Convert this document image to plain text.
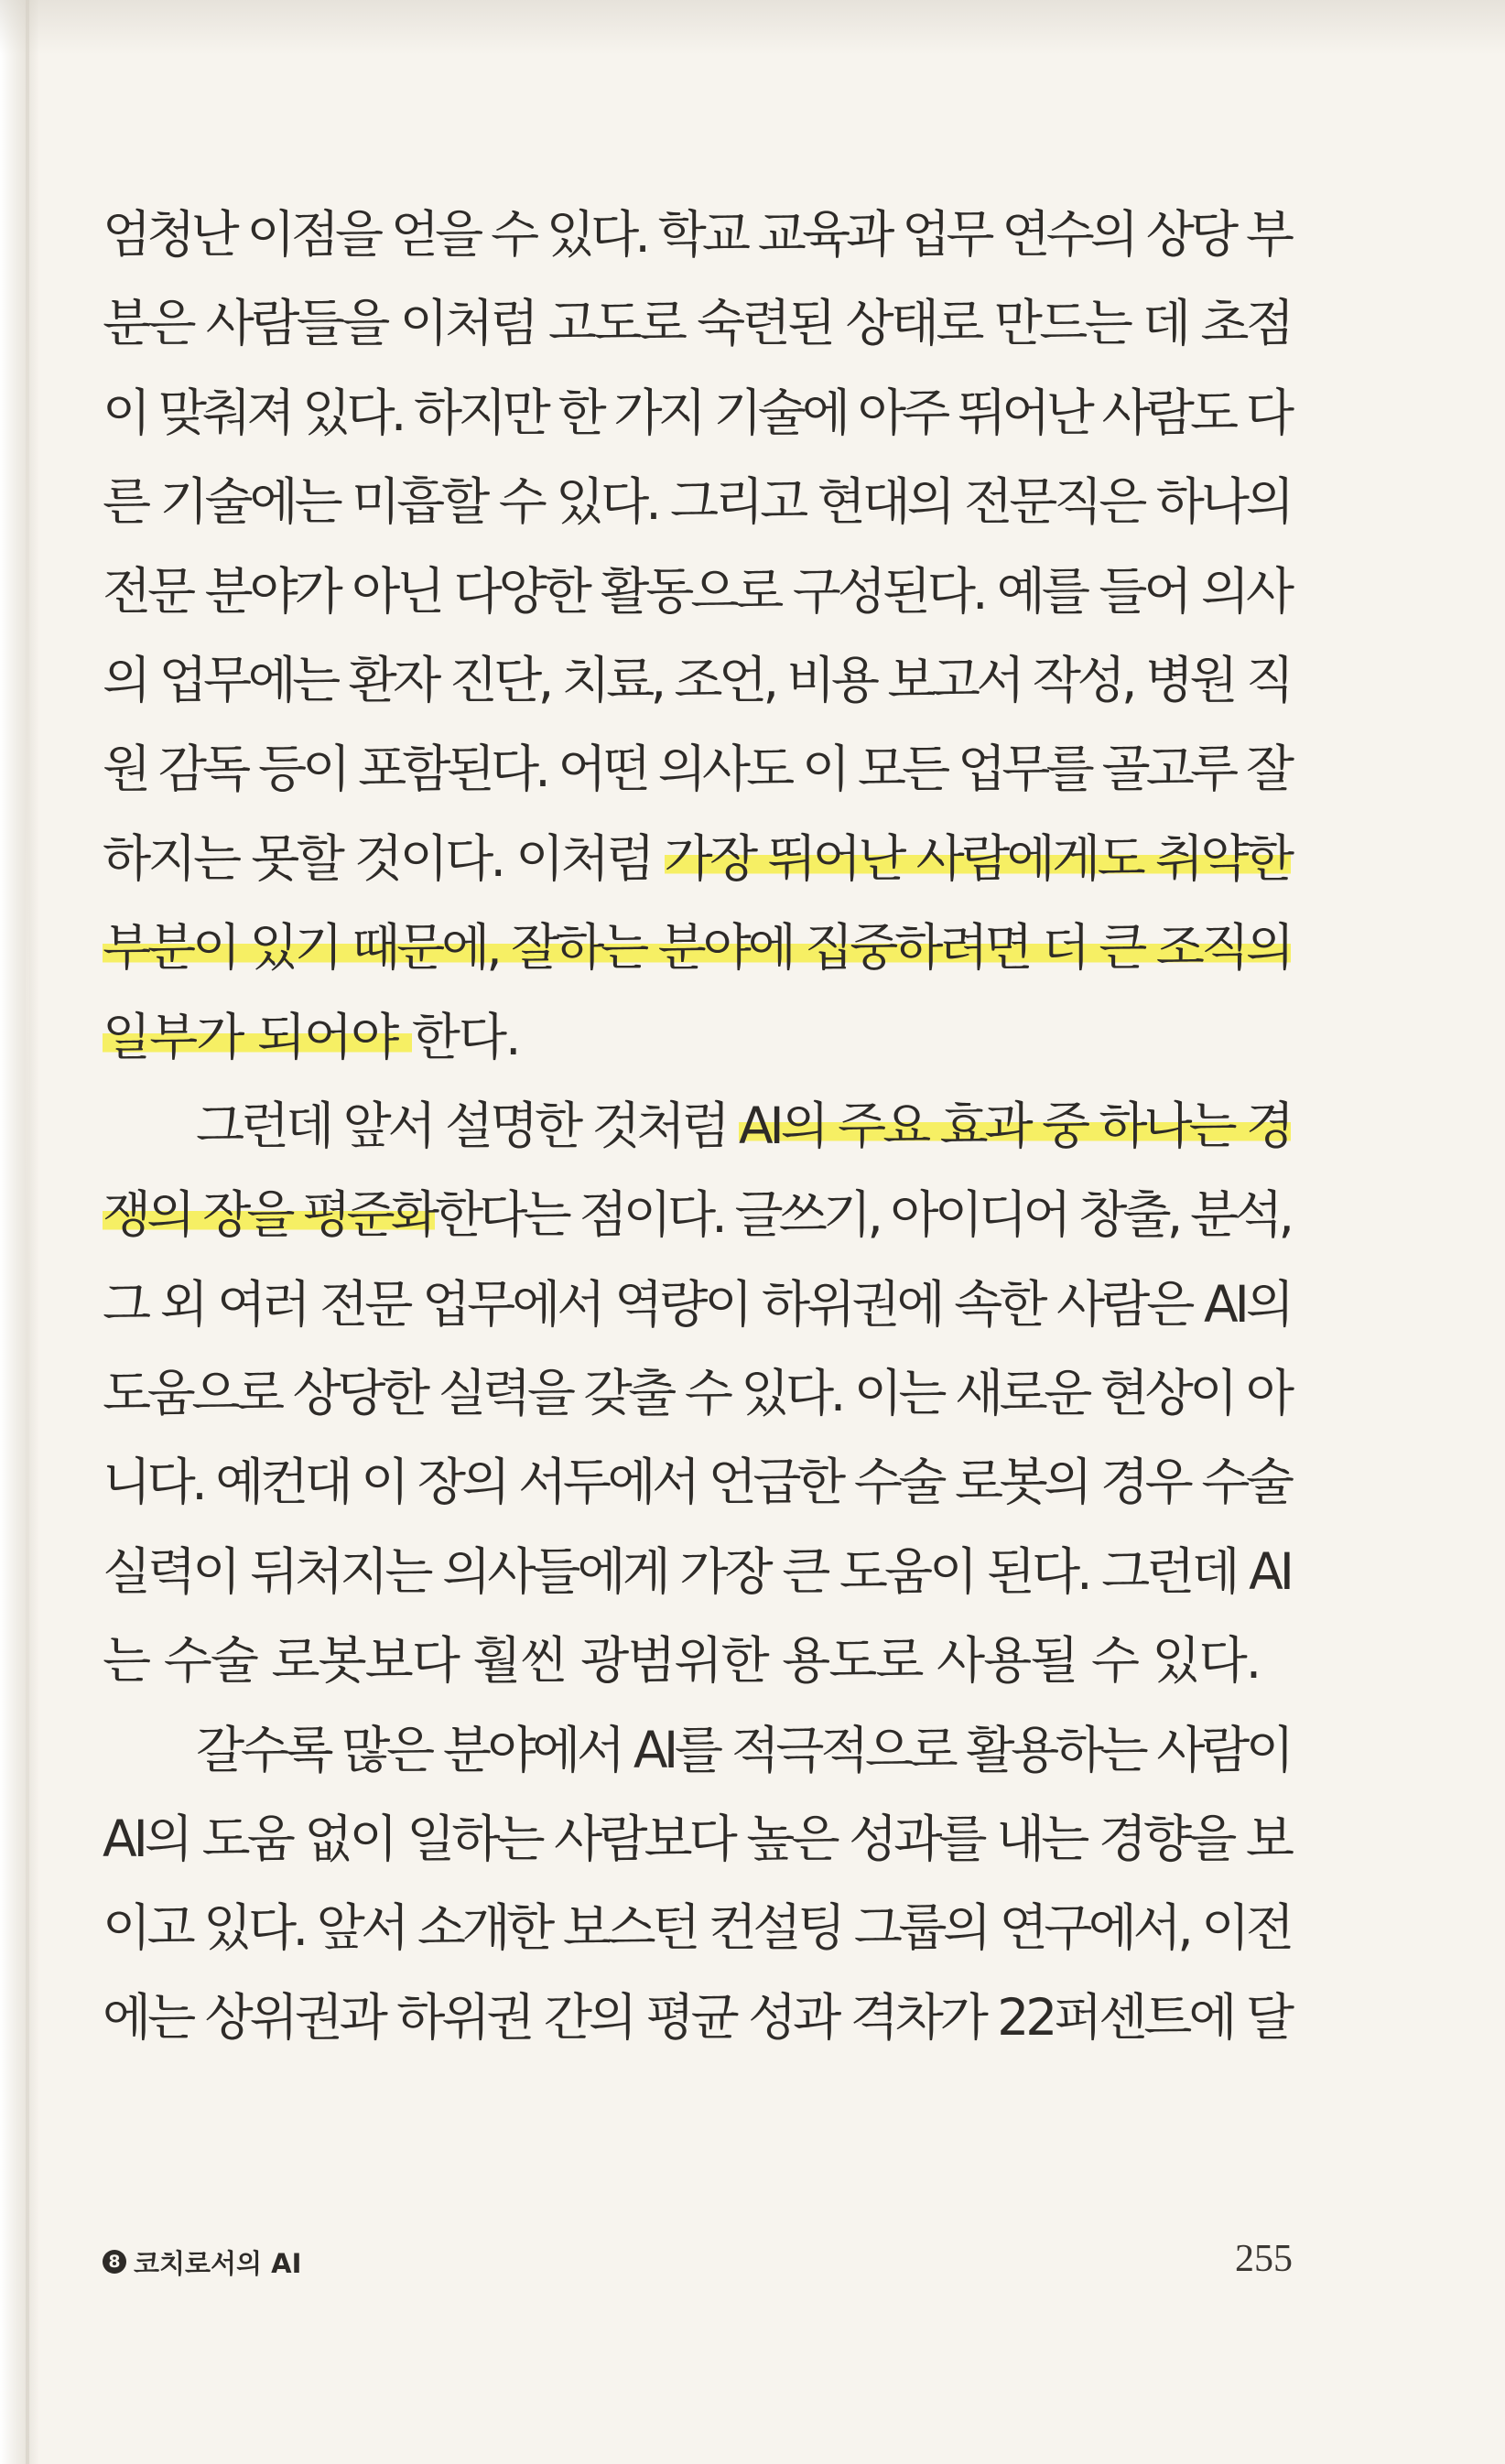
엄청난 이점을 얻을 수 있다. 학교 교육과 업무 연수의 상당 부
분은 사람들을 이처럼 고도로 숙련된 상태로 만드는 데 초점
이 맞춰져 있다. 하지만 한 가지 기술에 아주 뛰어난 사람도 다
른 기술에는 미흡할 수 있다. 그리고 현대의 전문직은 하나의
전문 분야가 아닌 다양한 활동으로 구성된다. 예를 들어 의사
의 업무에는 환자 진단, 치료, 조언, 비용 보고서 작성, 병원 직
원 감독 등이 포함된다. 어떤 의사도 이 모든 업무를 골고루 잘
하지는 못할 것이다. 이처럼 가장 뛰어난 사람에게도 취약한
부분이 있기 때문에, 잘하는 분야에 집중하려면 더 큰 조직의
일부가 되어야 한다.
그런데 앞서 설명한 것처럼 AI의 주요 효과 중 하나는 경
쟁의 장을 평준화한다는 점이다. 글쓰기, 아이디어 창출, 분석,
그 외 여러 전문 업무에서 역량이 하위권에 속한 사람은 AI의
도움으로 상당한 실력을 갖출 수 있다. 이는 새로운 현상이 아
니다. 예컨대 이 장의 서두에서 언급한 수술 로봇의 경우 수술
실력이 뒤처지는 의사들에게 가장 큰 도움이 된다. 그런데 AI
는 수술 로봇보다 훨씬 광범위한 용도로 사용될 수 있다.
갈수록 많은 분야에서 AI를 적극적으로 활용하는 사람이
AI의 도움 없이 일하는 사람보다 높은 성과를 내는 경향을 보
이고 있다. 앞서 소개한 보스턴 컨설팅 그룹의 연구에서, 이전
에는 상위권과 하위권 간의 평균 성과 격차가 22퍼센트에 달
8 코치로서의 AI	255
